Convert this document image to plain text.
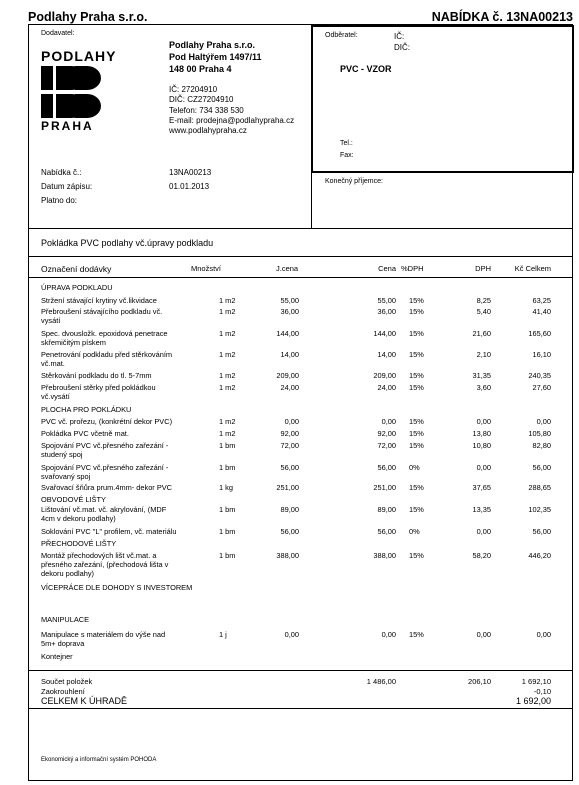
Podlahy Praha s.r.o.	NABÍDKA č. 13NA00213
Dodavatel:
PODLAHY
PRAHA
Podlahy Praha s.r.o.
Pod Haltýřem 1497/11
148 00 Praha 4
IČ: 27204910
DIČ: CZ27204910
Telefon: 734 338 530
E-mail: prodejna@podlahypraha.cz
www.podlahypraha.cz
Odběratel:	IČ:
DIČ:
PVC - VZOR
Tel.:
Fax:
Konečný příjemce:
Nabídka č.:	13NA00213
Datum zápisu:	01.01.2013
Platno do:
Pokládka PVC podlahy vč.úpravy podkladu
Označení dodávky	Množství	J.cena	Cena %DPH	DPH	Kč Celkem
ÚPRAVA PODKLADU
Stržení stávající krytiny vč.likvidace	1 m2	55,00	55,00 15%	8,25	63,25
Přebroušení stávajícího podkladu vč. vysátí
1 m2	36,00	36,00 15%	5,40	41,40
Spec. dvousložk. epoxidová penetrace skřemičitým pískem
1 m2	144,00	144,00 15%	21,60	165,60
Penetrování podkladu před stěrkováním vč.mat.
1 m2	14,00	14,00 15%	2,10	16,10
Stěrkování podkladu do tl. 5-7mm	1 m2	209,00	209,00 15%	31,35	240,35
Přebroušení stěrky před pokládkou vč.vysátí
1 m2	24,00	24,00 15%	3,60	27,60
PLOCHA PRO POKLÁDKU
PVC vč. prořezu, (konkrétní dekor PVC)	1 m2	0,00	0,00 15%	0,00	0,00
Pokládka PVC včetně mat.	1 m2	92,00	92,00 15%	13,80	105,80
Spojování PVC vč.přesného zařezání - studený spoj
1 bm	72,00	72,00 15%	10,80	82,80
Spojování PVC vč.přesného zařezání - svařovaný spoj
1 bm	56,00	56,00 0%	0,00	56,00
Svařovací šňůra prum.4mm- dekor PVC	1 kg	251,00	251,00 15%	37,65	288,65
OBVODOVÉ LIŠTY
Lištování vč.mat. vč. akrylování, (MDF 4cm v dekoru podlahy)
1 bm	89,00	89,00 15%	13,35	102,35
Soklování PVC "L" profilem, vč. materiálu	1 bm	56,00	56,00 0%	0,00	56,00
PŘECHODOVÉ LIŠTY
Montáž přechodových lišt vč.mat. a přesného zařezání, (přechodová lišta v dekoru podlahy)
1 bm	388,00	388,00 15%	58,20	446,20
VÍCEPRÁCE DLE DOHODY S INVESTOREM
MANIPULACE
Manipulace s materiálem do výše nad 5m+ doprava
1 j	0,00	0,00 15%	0,00	0,00
Kontejner
Součet položek	1 486,00	206,10	1 692,10
Zaokrouhlení	-0,10
CELKEM K ÚHRADĚ	1 692,00
Ekonomický a informační systém POHODA
